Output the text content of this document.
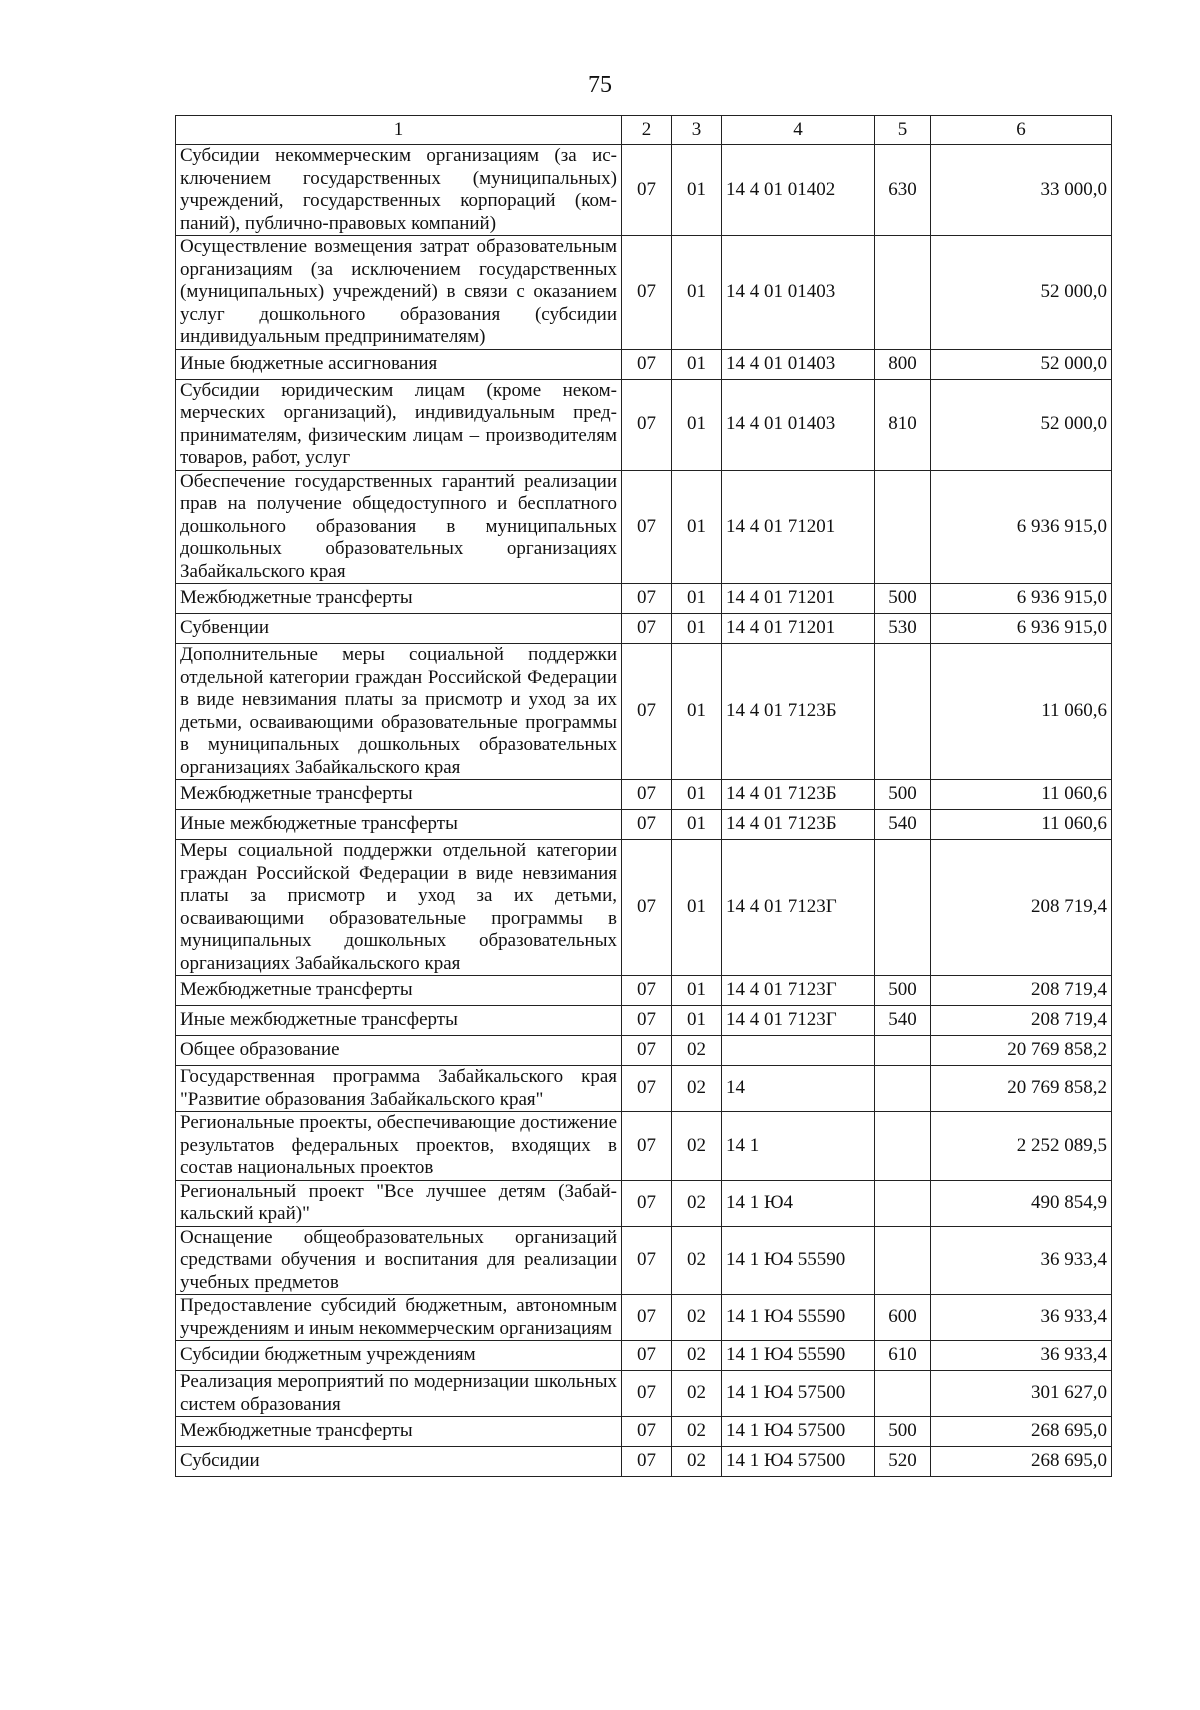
75
1	2	3	4	5	6
Субсидии некоммерческим организациям (за исключением государственных (муниципальных) учреждений, государственных корпораций (компаний), публично-правовых компаний)	07	01	14 4 01 01402	630	33 000,0
Осуществление возмещения затрат образовательным организациям (за исключением государственных (муниципальных) учреждений) в связи с оказанием услуг дошкольного образования (субсидии индивидуальным предпринимателям)	07	01	14 4 01 01403		52 000,0
Иные бюджетные ассигнования	07	01	14 4 01 01403	800	52 000,0
Субсидии юридическим лицам (кроме некоммерческих организаций), индивидуальным предпринимателям, физическим лицам – производителям товаров, работ, услуг	07	01	14 4 01 01403	810	52 000,0
Обеспечение государственных гарантий реализации прав на получение общедоступного и бесплатного дошкольного образования в муниципальных дошкольных образовательных организациях Забайкальского края	07	01	14 4 01 71201		6 936 915,0
Межбюджетные трансферты	07	01	14 4 01 71201	500	6 936 915,0
Субвенции	07	01	14 4 01 71201	530	6 936 915,0
Дополнительные меры социальной поддержки отдельной категории граждан Российской Федерации в виде невзимания платы за присмотр и уход за их детьми, осваивающими образовательные программы в муниципальных дошкольных образовательных организациях Забайкальского края	07	01	14 4 01 7123Б		11 060,6
Межбюджетные трансферты	07	01	14 4 01 7123Б	500	11 060,6
Иные межбюджетные трансферты	07	01	14 4 01 7123Б	540	11 060,6
Меры социальной поддержки отдельной категории граждан Российской Федерации в виде невзимания платы за присмотр и уход за их детьми, осваивающими образовательные программы в муниципальных дошкольных образовательных организациях Забайкальского края	07	01	14 4 01 7123Г		208 719,4
Межбюджетные трансферты	07	01	14 4 01 7123Г	500	208 719,4
Иные межбюджетные трансферты	07	01	14 4 01 7123Г	540	208 719,4
Общее образование	07	02			20 769 858,2
Государственная программа Забайкальского края "Развитие образования Забайкальского края"	07	02	14		20 769 858,2
Региональные проекты, обеспечивающие достижение результатов федеральных проектов, входящих в состав национальных проектов	07	02	14 1		2 252 089,5
Региональный проект "Все лучшее детям (Забайкальский край)"	07	02	14 1 Ю4		490 854,9
Оснащение общеобразовательных организаций средствами обучения и воспитания для реализации учебных предметов	07	02	14 1 Ю4 55590		36 933,4
Предоставление субсидий бюджетным, автономным учреждениям и иным некоммерческим организациям	07	02	14 1 Ю4 55590	600	36 933,4
Субсидии бюджетным учреждениям	07	02	14 1 Ю4 55590	610	36 933,4
Реализация мероприятий по модернизации школьных систем образования	07	02	14 1 Ю4 57500		301 627,0
Межбюджетные трансферты	07	02	14 1 Ю4 57500	500	268 695,0
Субсидии	07	02	14 1 Ю4 57500	520	268 695,0
